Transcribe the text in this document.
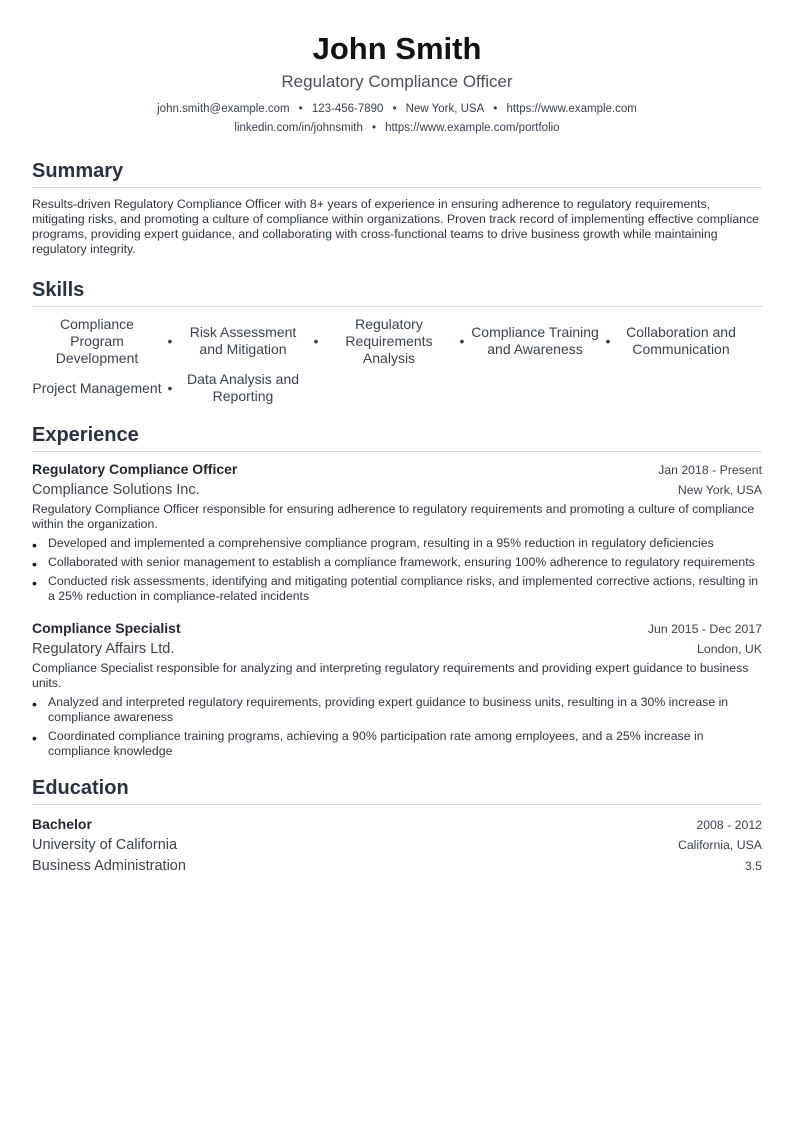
John Smith
Regulatory Compliance Officer
john.smith@example.com • 123-456-7890 • New York, USA • https://www.example.com
linkedin.com/in/johnsmith • https://www.example.com/portfolio
Summary
Results-driven Regulatory Compliance Officer with 8+ years of experience in ensuring adherence to regulatory requirements, mitigating risks, and promoting a culture of compliance within organizations. Proven track record of implementing effective compliance programs, providing expert guidance, and collaborating with cross-functional teams to drive business growth while maintaining regulatory integrity.
Skills
Compliance Program Development
•
Risk Assessment and Mitigation	•
Regulatory Requirements Analysis
•
Compliance Training and Awareness	•
Collaboration and Communication
Project Management •
Data Analysis and Reporting
Experience
Regulatory Compliance Officer	Jan 2018 - Present
Compliance Solutions Inc.	New York, USA
Regulatory Compliance Officer responsible for ensuring adherence to regulatory requirements and promoting a culture of compliance within the organization.
• Developed and implemented a comprehensive compliance program, resulting in a 95% reduction in regulatory deficiencies
• Collaborated with senior management to establish a compliance framework, ensuring 100% adherence to regulatory requirements
• Conducted risk assessments, identifying and mitigating potential compliance risks, and implemented corrective actions, resulting in a 25% reduction in compliance-related incidents
Compliance Specialist	Jun 2015 - Dec 2017
Regulatory Affairs Ltd.	London, UK
Compliance Specialist responsible for analyzing and interpreting regulatory requirements and providing expert guidance to business units.
• Analyzed and interpreted regulatory requirements, providing expert guidance to business units, resulting in a 30% increase in compliance awareness
• Coordinated compliance training programs, achieving a 90% participation rate among employees, and a 25% increase in compliance knowledge
Education
Bachelor	2008 - 2012
University of California	California, USA
Business Administration	3.5
